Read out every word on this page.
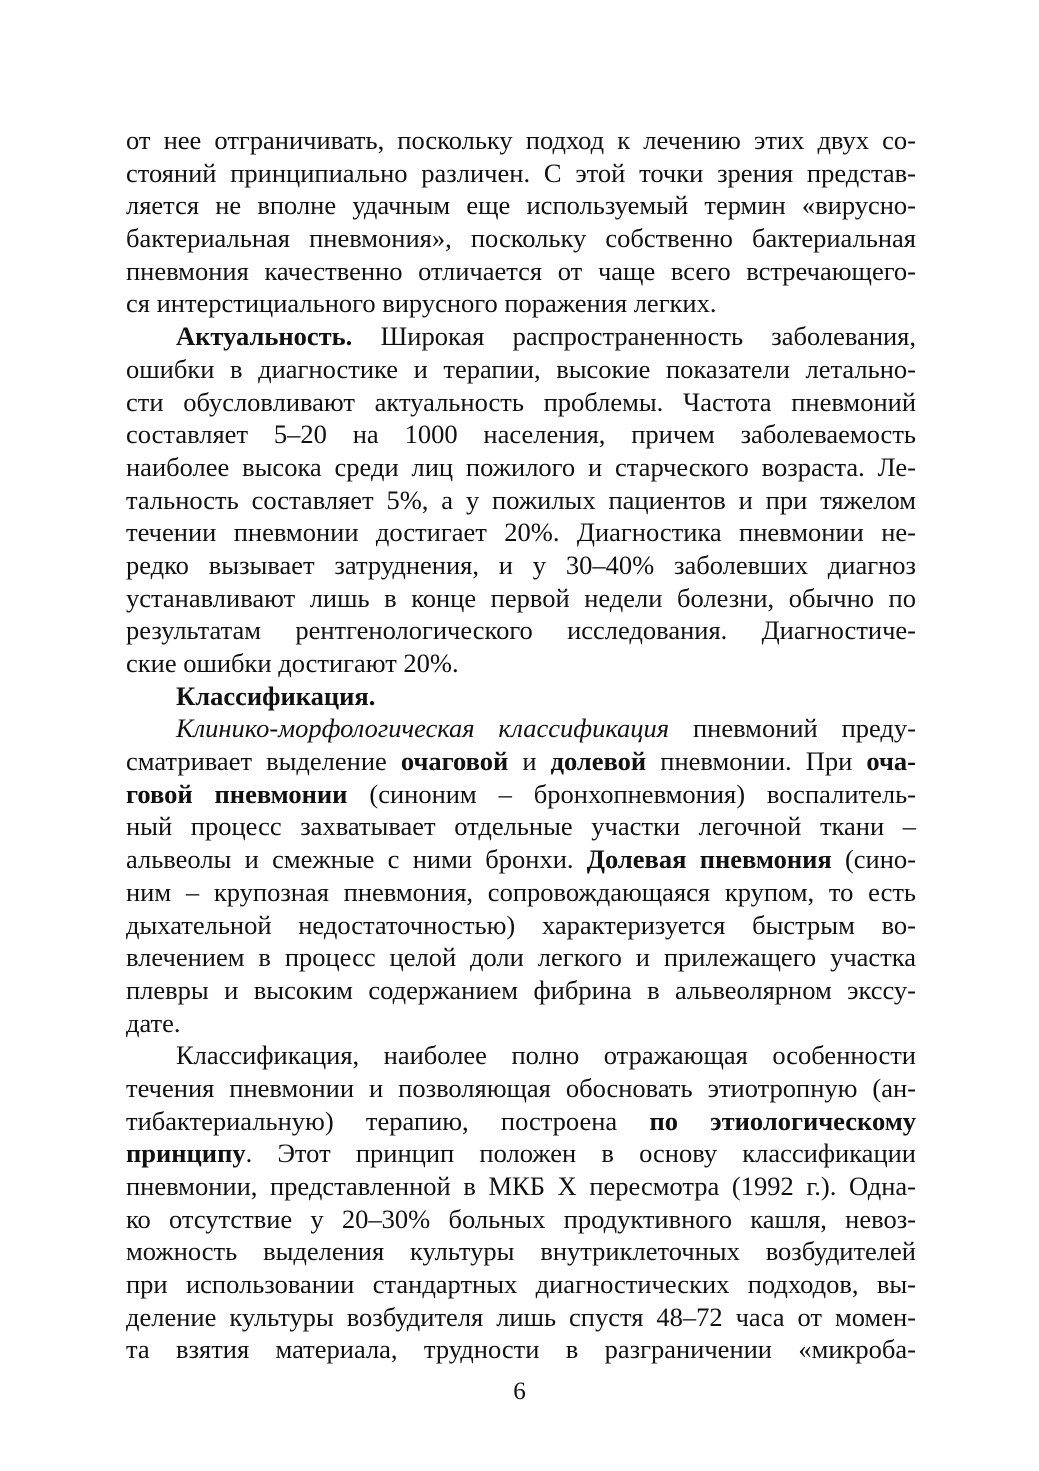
от нее отграничивать, поскольку подход к лечению этих двух со-
стояний принципиально различен. С этой точки зрения представ-
ляется не вполне удачным еще используемый термин «вирусно-
бактериальная пневмония», поскольку собственно бактериальная
пневмония качественно отличается от чаще всего встречающего-
ся интерстициального вирусного поражения легких.
Актуальность. Широкая распространенность заболевания,
ошибки в диагностике и терапии, высокие показатели летально-
сти обусловливают актуальность проблемы. Частота пневмоний
составляет 5–20 на 1000 населения, причем заболеваемость
наиболее высока среди лиц пожилого и старческого возраста. Ле-
тальность составляет 5%, а у пожилых пациентов и при тяжелом
течении пневмонии достигает 20%. Диагностика пневмонии не-
редко вызывает затруднения, и у 30–40% заболевших диагноз
устанавливают лишь в конце первой недели болезни, обычно по
результатам рентгенологического исследования. Диагностиче-
ские ошибки достигают 20%.
Классификация.
Клинико-морфологическая классификация пневмоний преду-
сматривает выделение очаговой и долевой пневмонии. При оча-
говой пневмонии (синоним – бронхопневмония) воспалитель-
ный процесс захватывает отдельные участки легочной ткани –
альвеолы и смежные с ними бронхи. Долевая пневмония (сино-
ним – крупозная пневмония, сопровождающаяся крупом, то есть
дыхательной недостаточностью) характеризуется быстрым во-
влечением в процесс целой доли легкого и прилежащего участка
плевры и высоким содержанием фибрина в альвеолярном экссу-
дате.
Классификация, наиболее полно отражающая особенности
течения пневмонии и позволяющая обосновать этиотропную (ан-
тибактериальную) терапию, построена по этиологическому
принципу. Этот принцип положен в основу классификации
пневмонии, представленной в МКБ X пересмотра (1992 г.). Одна-
ко отсутствие у 20–30% больных продуктивного кашля, невоз-
можность выделения культуры внутриклеточных возбудителей
при использовании стандартных диагностических подходов, вы-
деление культуры возбудителя лишь спустя 48–72 часа от момен-
та взятия материала, трудности в разграничении «микроба-
6
